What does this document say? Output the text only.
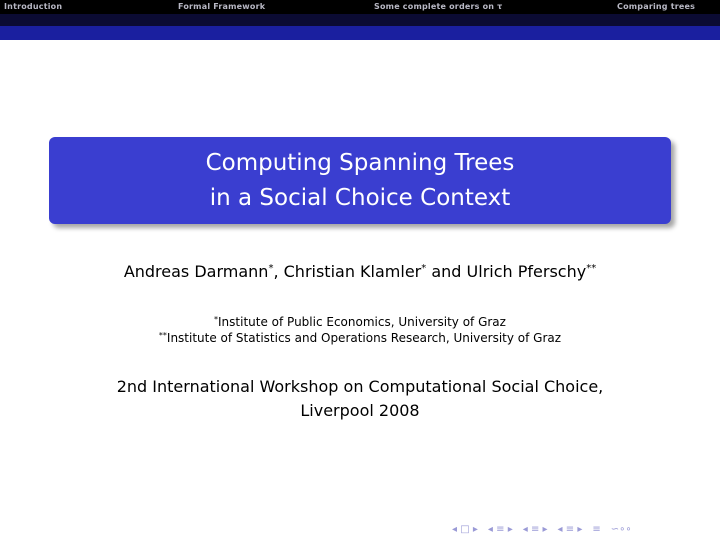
Introduction	Formal Framework	Some complete orders on τ	Comparing trees
Computing Spanning Trees
in a Social Choice Context
Andreas Darmann*, Christian Klamler* and Ulrich Pferschy**
*Institute of Public Economics, University of Graz
**Institute of Statistics and Operations Research, University of Graz
2nd International Workshop on Computational Social Choice,
Liverpool 2008
◂ □ ▸ ◂ ≡ ▸ ◂ ≡ ▸ ◂ ≡ ▸ ≡ ∽∘∘
